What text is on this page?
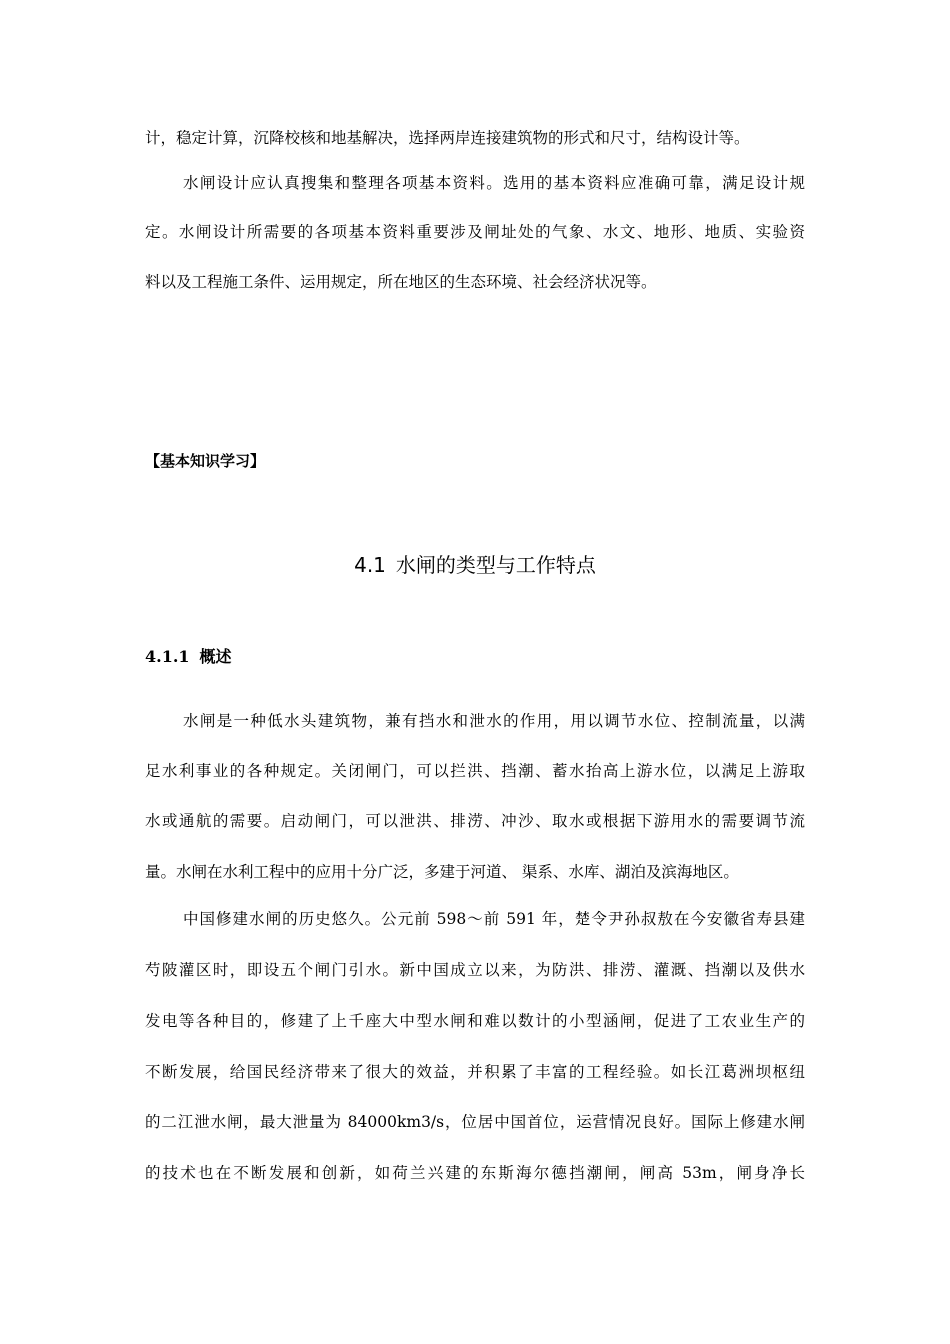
计，稳定计算，沉降校核和地基解决，选择两岸连接建筑物的形式和尺寸，结构设计等。
水闸设计应认真搜集和整理各项基本资料。选用的基本资料应准确可靠，满足设计规
定。水闸设计所需要的各项基本资料重要涉及闸址处的气象、水文、地形、地质、实验资
料以及工程施工条件、运用规定，所在地区的生态环境、社会经济状况等。
【基本知识学习】
4.1 水闸的类型与工作特点
4.1.1 概述
水闸是一种低水头建筑物，兼有挡水和泄水的作用，用以调节水位、控制流量，以满
足水利事业的各种规定。关闭闸门，可以拦洪、挡潮、蓄水抬高上游水位，以满足上游取
水或通航的需要。启动闸门，可以泄洪、排涝、冲沙、取水或根据下游用水的需要调节流
量。水闸在水利工程中的应用十分广泛，多建于河道、 渠系、水库、湖泊及滨海地区。
中国修建水闸的历史悠久。公元前 598～前 591 年，楚令尹孙叔敖在今安徽省寿县建
芍陂灌区时，即设五个闸门引水。新中国成立以来，为防洪、排涝、灌溉、挡潮以及供水
发电等各种目的，修建了上千座大中型水闸和难以数计的小型涵闸，促进了工农业生产的
不断发展，给国民经济带来了很大的效益，并积累了丰富的工程经验。如长江葛洲坝枢纽
的二江泄水闸，最大泄量为 84000km3/s，位居中国首位，运营情况良好。国际上修建水闸
的技术也在不断发展和创新，如荷兰兴建的东斯海尔德挡潮闸，闸高 53m，闸身净长
